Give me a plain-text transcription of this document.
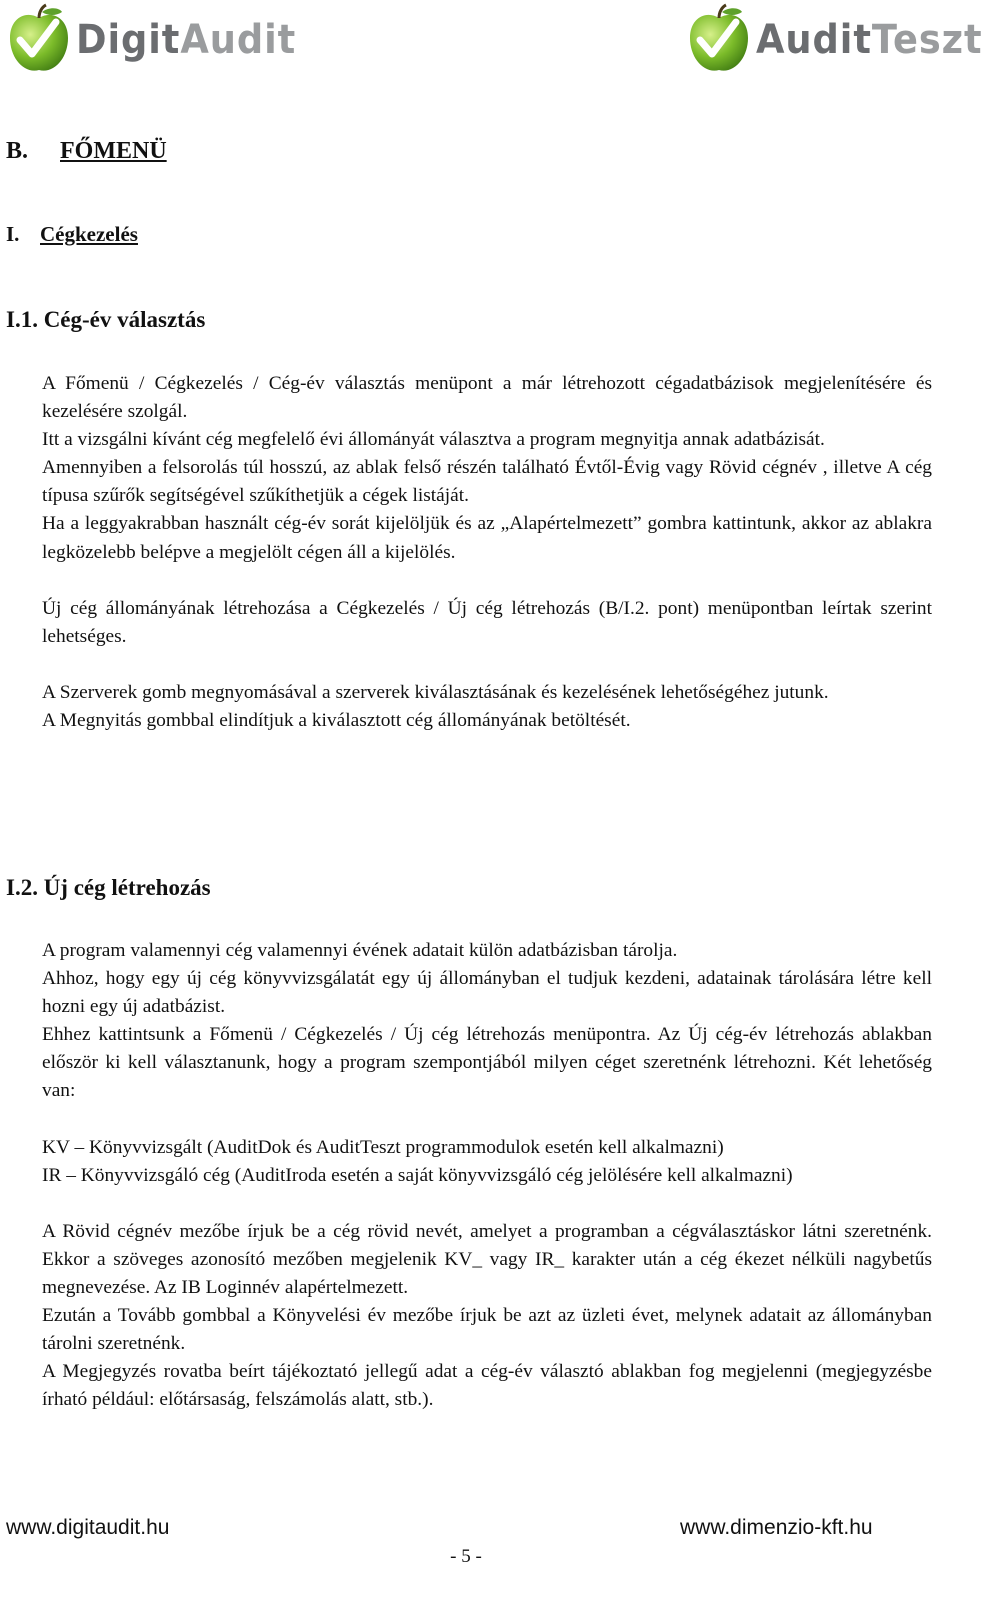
DigitAudit	AuditTeszt
B. FŐMENÜ
I. Cégkezelés
I.1. Cég-év választás

A Főmenü / Cégkezelés / Cég-év választás menüpont a már létrehozott cégadatbázisok megjelenítésére és kezelésére szolgál.

Itt a vizsgálni kívánt cég megfelelő évi állományát választva a program megnyitja annak adatbázisát.

Amennyiben a felsorolás túl hosszú, az ablak felső részén található Évtől-Évig vagy Rövid cégnév , illetve A cég típusa szűrők segítségével szűkíthetjük a cégek listáját.

Ha a leggyakrabban használt cég-év sorát kijelöljük és az „Alapértelmezett” gombra kattintunk, akkor az ablakra legközelebb belépve a megjelölt cégen áll a kijelölés.

Új cég állományának létrehozása a Cégkezelés / Új cég létrehozás (B/I.2. pont) menüpontban leírtak szerint lehetséges.

A Szerverek gomb megnyomásával a szerverek kiválasztásának és kezelésének lehetőségéhez jutunk.

A Megnyitás gombbal elindítjuk a kiválasztott cég állományának betöltését.

I.2. Új cég létrehozás

A program valamennyi cég valamennyi évének adatait külön adatbázisban tárolja.

Ahhoz, hogy egy új cég könyvvizsgálatát egy új állományban el tudjuk kezdeni, adatainak tárolására létre kell hozni egy új adatbázist.

Ehhez kattintsunk a Főmenü / Cégkezelés / Új cég létrehozás menüpontra. Az Új cég-év létrehozás ablakban először ki kell választanunk, hogy a program szempontjából milyen céget szeretnénk létrehozni. Két lehetőség van:

KV – Könyvvizsgált (AuditDok és AuditTeszt programmodulok esetén kell alkalmazni)

IR – Könyvvizsgáló cég (AuditIroda esetén a saját könyvvizsgáló cég jelölésére kell alkalmazni)

A Rövid cégnév mezőbe írjuk be a cég rövid nevét, amelyet a programban a cégválasztáskor látni szeretnénk. Ekkor a szöveges azonosító mezőben megjelenik KV_ vagy IR_ karakter után a cég ékezet nélküli nagybetűs megnevezése. Az IB Loginnév alapértelmezett.

Ezután a Tovább gombbal a Könyvelési év mezőbe írjuk be azt az üzleti évet, melynek adatait az állományban tárolni szeretnénk.

A Megjegyzés rovatba beírt tájékoztató jellegű adat a cég-év választó ablakban fog megjelenni (megjegyzésbe írható például: előtársaság, felszámolás alatt, stb.).

www.digitaudit.hu	www.dimenzio-kft.hu
- 5 -
